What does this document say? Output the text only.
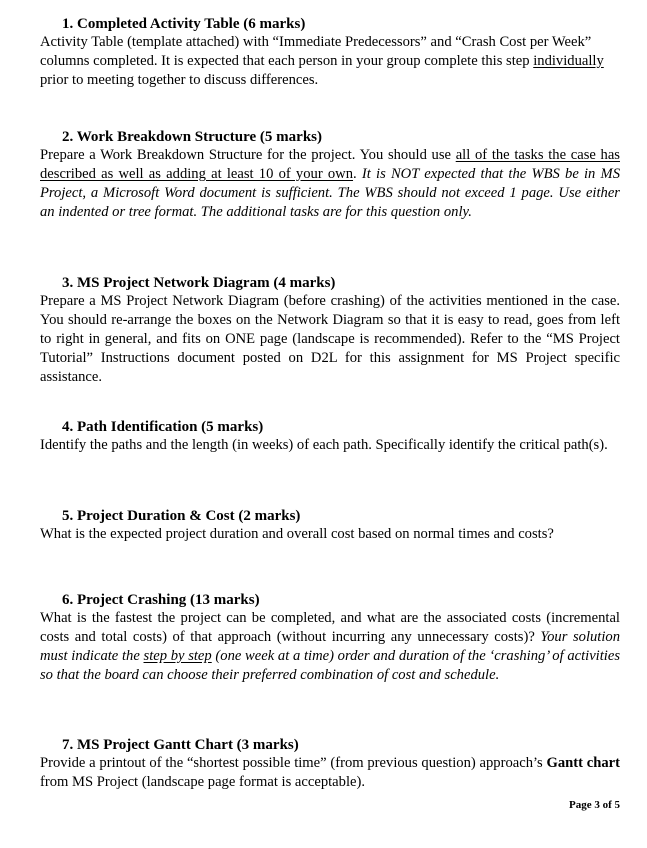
1. Completed Activity Table (6 marks)

Activity Table (template attached) with “Immediate Predecessors” and “Crash Cost per Week” columns completed. It is expected that each person in your group complete this step individually prior to meeting together to discuss differences.

2. Work Breakdown Structure (5 marks)

Prepare a Work Breakdown Structure for the project. You should use all of the tasks the case has described as well as adding at least 10 of your own. It is NOT expected that the WBS be in MS Project, a Microsoft Word document is sufficient. The WBS should not exceed 1 page. Use either an indented or tree format. The additional tasks are for this question only.

3. MS Project Network Diagram (4 marks)

Prepare a MS Project Network Diagram (before crashing) of the activities mentioned in the case. You should re-arrange the boxes on the Network Diagram so that it is easy to read, goes from left to right in general, and fits on ONE page (landscape is recommended). Refer to the “MS Project Tutorial” Instructions document posted on D2L for this assignment for MS Project specific assistance.

4. Path Identification (5 marks)

Identify the paths and the length (in weeks) of each path. Specifically identify the critical path(s).

5. Project Duration & Cost (2 marks)

What is the expected project duration and overall cost based on normal times and costs?

6. Project Crashing (13 marks)

What is the fastest the project can be completed, and what are the associated costs (incremental costs and total costs) of that approach (without incurring any unnecessary costs)? Your solution must indicate the step by step (one week at a time) order and duration of the ‘crashing’ of activities so that the board can choose their preferred combination of cost and schedule.

7. MS Project Gantt Chart (3 marks)

Provide a printout of the “shortest possible time” (from previous question) approach’s Gantt chart from MS Project (landscape page format is acceptable).

Page 3 of 5
